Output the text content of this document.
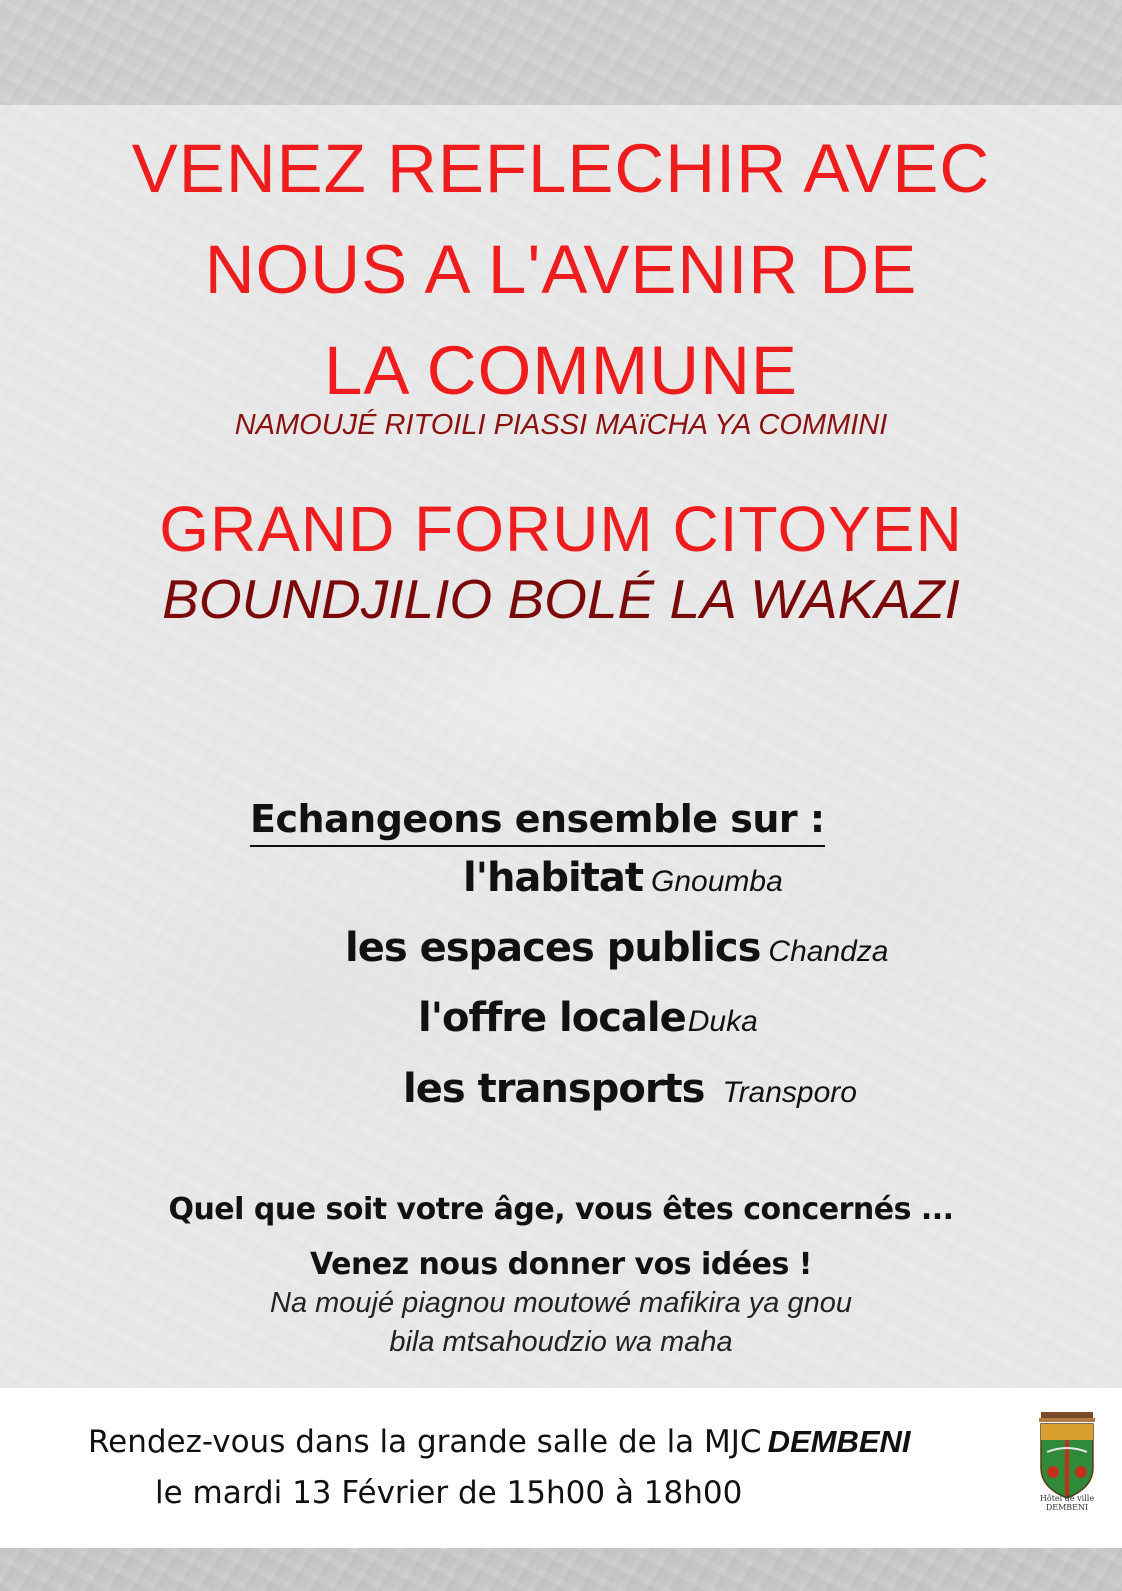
VENEZ REFLECHIR AVEC
NOUS A L'AVENIR DE
LA COMMUNE
NAMOUJÉ RITOILI PIASSI MAïCHA YA COMMINI
GRAND FORUM CITOYEN
BOUNDJILIO BOLÉ LA WAKAZI
Echangeons ensemble sur :
l'habitat Gnoumba
les espaces publics Chandza
l'offre localeDuka
les transports Transporo
Quel que soit votre âge, vous êtes concernés ...
Venez nous donner vos idées !
Na moujé piagnou moutowé mafikira ya gnou
bila mtsahoudzio wa maha
Rendez-vous dans la grande salle de la MJC DEMBENI
le mardi 13 Février de 15h00 à 18h00	Hôtel de ville
DEMBENI
